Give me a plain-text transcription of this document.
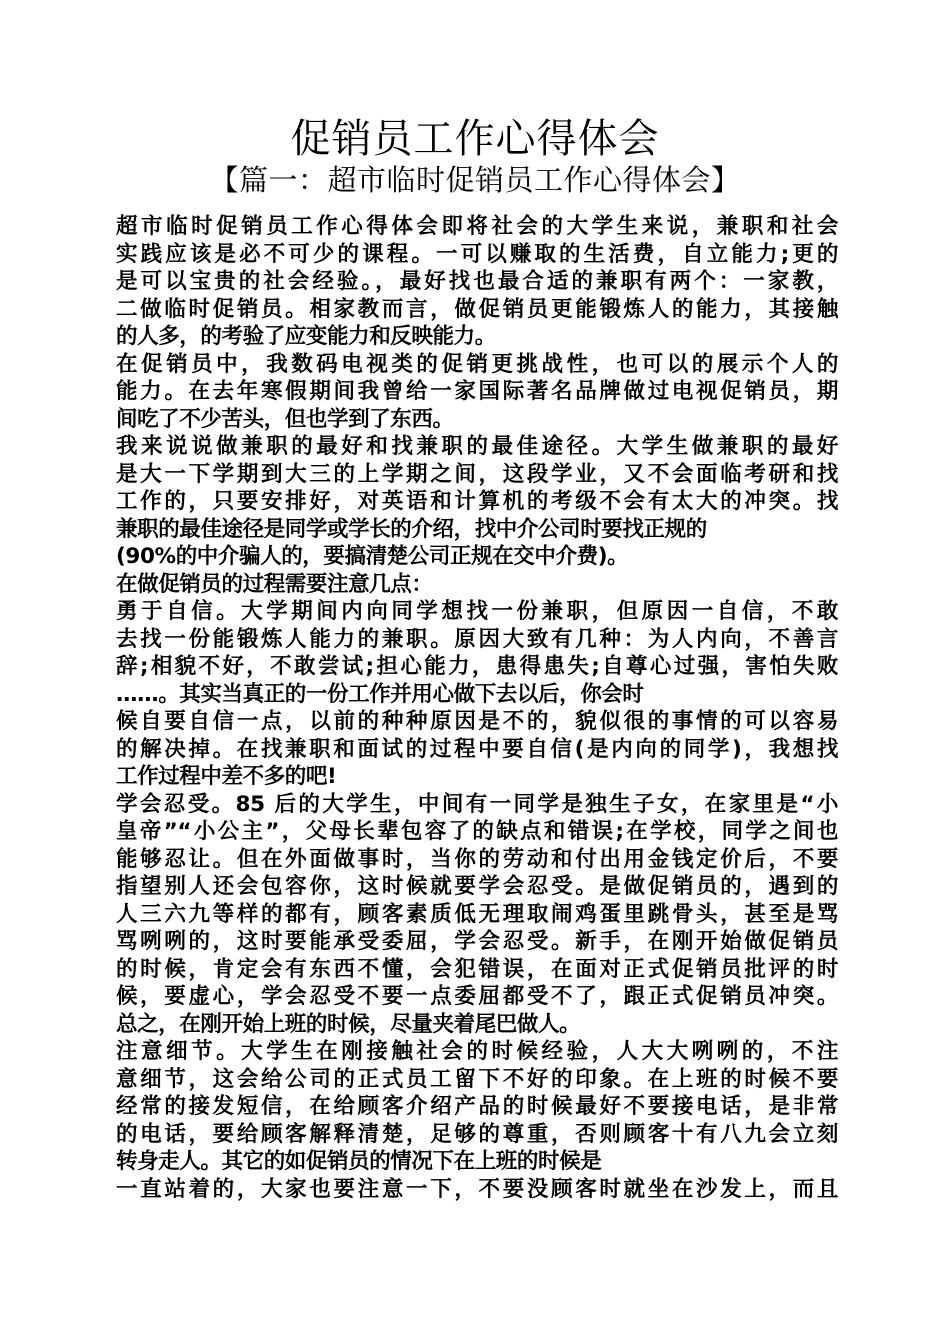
促销员工作心得体会
【篇一：超市临时促销员工作心得体会】
超市临时促销员工作心得体会即将社会的大学生来说，兼职和社会
实践应该是必不可少的课程。一可以赚取的生活费，自立能力;更的
是可以宝贵的社会经验。，最好找也最合适的兼职有两个：一家教，
二做临时促销员。相家教而言，做促销员更能锻炼人的能力，其接触
的人多，的考验了应变能力和反映能力。
在促销员中，我数码电视类的促销更挑战性，也可以的展示个人的
能力。在去年寒假期间我曾给一家国际著名品牌做过电视促销员，期
间吃了不少苦头，但也学到了东西。
我来说说做兼职的最好和找兼职的最佳途径。大学生做兼职的最好
是大一下学期到大三的上学期之间，这段学业，又不会面临考研和找
工作的，只要安排好，对英语和计算机的考级不会有太大的冲突。找
兼职的最佳途径是同学或学长的介绍，找中介公司时要找正规的
(90%的中介骗人的，要搞清楚公司正规在交中介费)。
在做促销员的过程需要注意几点：
勇于自信。大学期间内向同学想找一份兼职，但原因一自信，不敢
去找一份能锻炼人能力的兼职。原因大致有几种：为人内向，不善言
辞;相貌不好，不敢尝试;担心能力，患得患失;自尊心过强，害怕失败
……。其实当真正的一份工作并用心做下去以后，你会时
候自要自信一点，以前的种种原因是不的，貌似很的事情的可以容易
的解决掉。在找兼职和面试的过程中要自信(是内向的同学)，我想找
工作过程中差不多的吧!
学会忍受。85 后的大学生，中间有一同学是独生子女，在家里是“小
皇帝”“小公主”，父母长辈包容了的缺点和错误;在学校，同学之间也
能够忍让。但在外面做事时，当你的劳动和付出用金钱定价后，不要
指望别人还会包容你，这时候就要学会忍受。是做促销员的，遇到的
人三六九等样的都有，顾客素质低无理取闹鸡蛋里跳骨头，甚至是骂
骂咧咧的，这时要能承受委屈，学会忍受。新手，在刚开始做促销员
的时候，肯定会有东西不懂，会犯错误，在面对正式促销员批评的时
候，要虚心，学会忍受不要一点委屈都受不了，跟正式促销员冲突。
总之，在刚开始上班的时候，尽量夹着尾巴做人。
注意细节。大学生在刚接触社会的时候经验，人大大咧咧的，不注
意细节，这会给公司的正式员工留下不好的印象。在上班的时候不要
经常的接发短信，在给顾客介绍产品的时候最好不要接电话，是非常
的电话，要给顾客解释清楚，足够的尊重，否则顾客十有八九会立刻
转身走人。其它的如促销员的情况下在上班的时候是
一直站着的，大家也要注意一下，不要没顾客时就坐在沙发上，而且
